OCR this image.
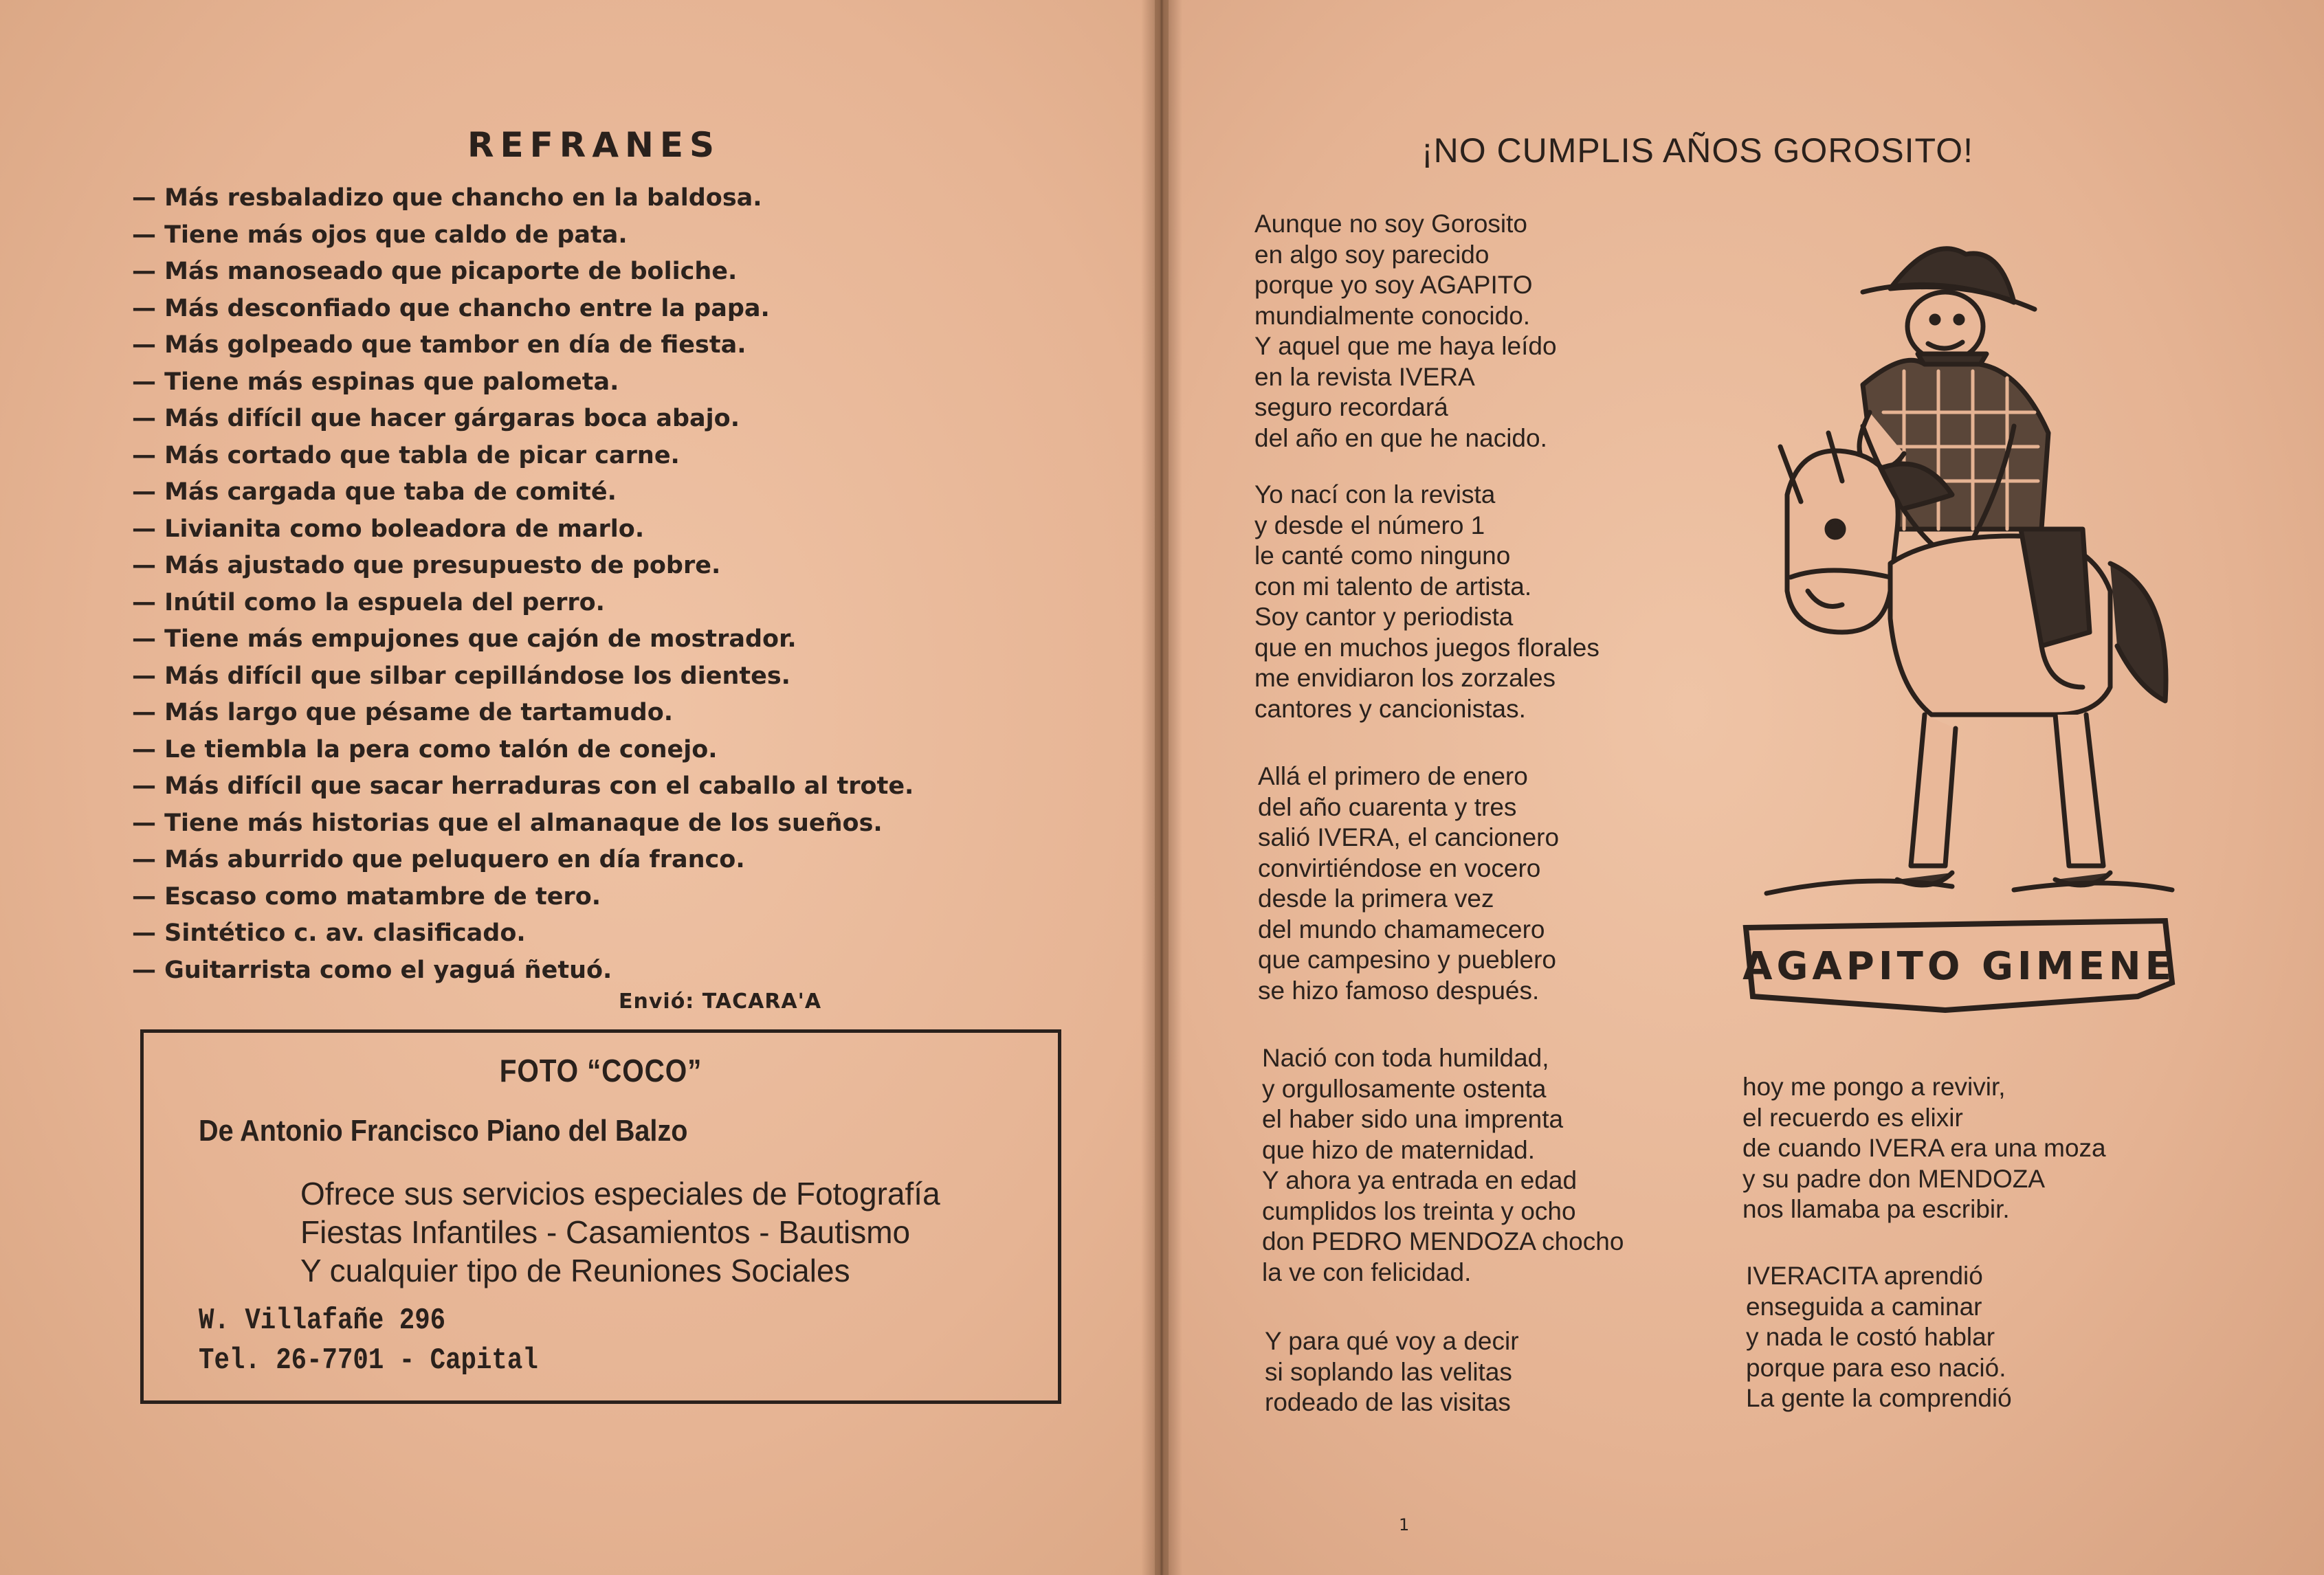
REFRANES
— Más resbaladizo que chancho en la baldosa.
— Tiene más ojos que caldo de pata.
— Más manoseado que picaporte de boliche.
— Más desconfiado que chancho entre la papa.
— Más golpeado que tambor en día de fiesta.
— Tiene más espinas que palometa.
— Más difícil que hacer gárgaras boca abajo.
— Más cortado que tabla de picar carne.
— Más cargada que taba de comité.
— Livianita como boleadora de marlo.
— Más ajustado que presupuesto de pobre.
— Inútil como la espuela del perro.
— Tiene más empujones que cajón de mostrador.
— Más difícil que silbar cepillándose los dientes.
— Más largo que pésame de tartamudo.
— Le tiembla la pera como talón de conejo.
— Más difícil que sacar herraduras con el caballo al trote.
— Tiene más historias que el almanaque de los sueños.
— Más aburrido que peluquero en día franco.
— Escaso como matambre de tero.
— Sintético c. av. clasificado.
— Guitarrista como el yaguá ñetuó.
Envió: TACARA'A
FOTO “COCO”
De Antonio Francisco Piano del Balzo
Ofrece sus servicios especiales de Fotografía
Fiestas Infantiles - Casamientos - Bautismo
Y cualquier tipo de Reuniones Sociales
W. Villafañe 296
Tel. 26-7701 - Capital
¡NO CUMPLIS AÑOS GOROSITO!
Aunque no soy Gorosito
en algo soy parecido
porque yo soy AGAPITO
mundialmente conocido.
Y aquel que me haya leído
en la revista IVERA
seguro recordará
del año en que he nacido.
Yo nací con la revista
y desde el número 1
le canté como ninguno
con mi talento de artista.
Soy cantor y periodista
que en muchos juegos florales
me envidiaron los zorzales
cantores y cancionistas.
Allá el primero de enero
del año cuarenta y tres
salió IVERA, el cancionero
convirtiéndose en vocero
desde la primera vez
del mundo chamamecero
que campesino y pueblero
se hizo famoso después.
Nació con toda humildad,
y orgullosamente ostenta
el haber sido una imprenta
que hizo de maternidad.
Y ahora ya entrada en edad
cumplidos los treinta y ocho
don PEDRO MENDOZA chocho
la ve con felicidad.
Y para qué voy a decir
si soplando las velitas
rodeado de las visitas
hoy me pongo a revivir,
el recuerdo es elixir
de cuando IVERA era una moza
y su padre don MENDOZA
nos llamaba pa escribir.
IVERACITA aprendió
enseguida a caminar
y nada le costó hablar
porque para eso nació.
La gente la comprendió
AGAPITO GIMENE
1
